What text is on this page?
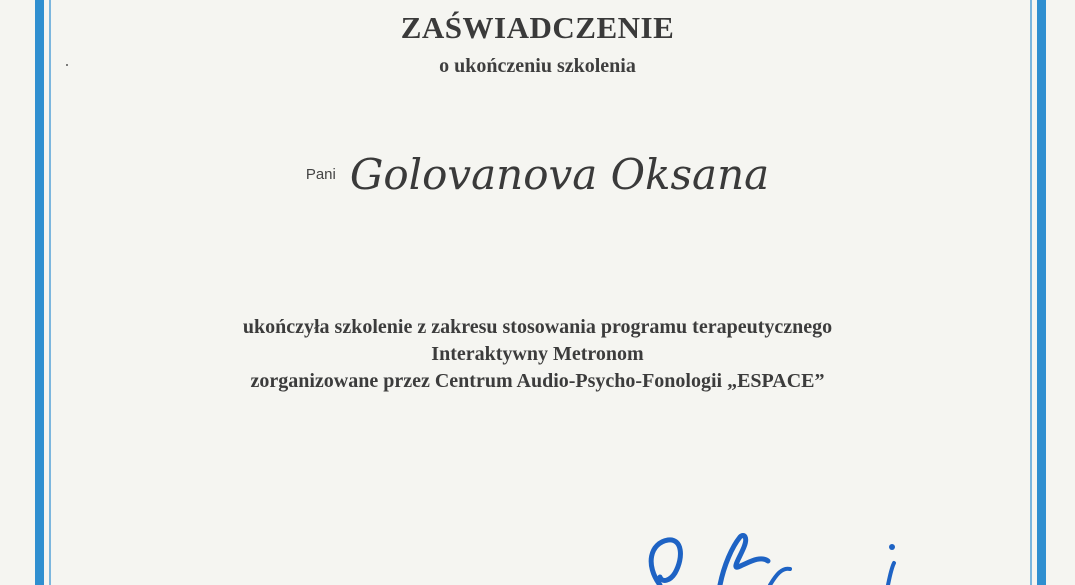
ZAŚWIADCZENIE
o ukończeniu szkolenia
Pani Golovanova Oksana
ukończyła szkolenie z zakresu stosowania programu terapeutycznego
Interaktywny Metronom
zorganizowane przez Centrum Audio-Psycho-Fonologii „ESPACE”
